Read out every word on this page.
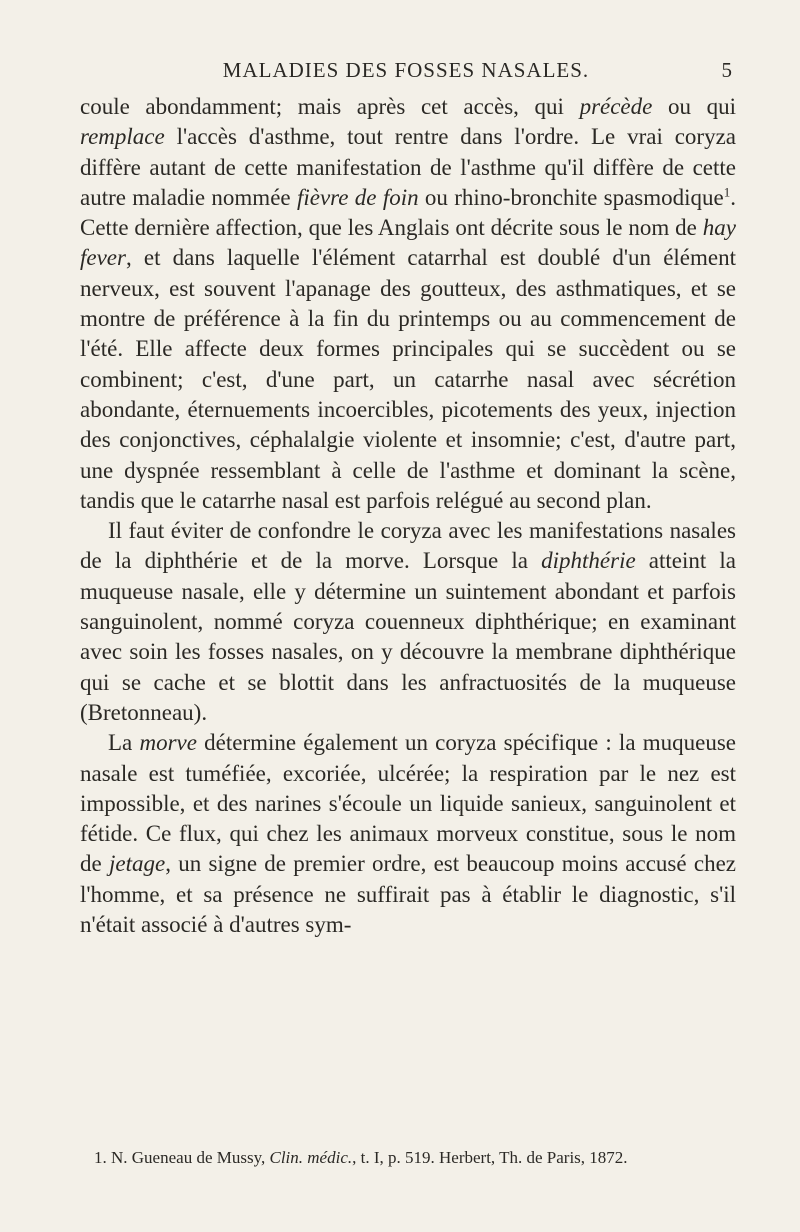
MALADIES DES FOSSES NASALES.	5

coule abondamment; mais après cet accès, qui précède ou qui remplace l'accès d'asthme, tout rentre dans l'ordre. Le vrai coryza diffère autant de cette manifestation de l'asthme qu'il diffère de cette autre maladie nommée fièvre de foin ou rhino-bronchite spasmodique$^1$. Cette dernière affection, que les Anglais ont décrite sous le nom de hay fever, et dans laquelle l'élément catarrhal est doublé d'un élément nerveux, est souvent l'apanage des goutteux, des asthmatiques, et se montre de préférence à la fin du printemps ou au commencement de l'été. Elle affecte deux formes principales qui se succèdent ou se combinent; c'est, d'une part, un catarrhe nasal avec sécrétion abondante, éternuements incoercibles, picotements des yeux, injection des conjonctives, céphalalgie violente et insomnie; c'est, d'autre part, une dyspnée ressemblant à celle de l'asthme et dominant la scène, tandis que le catarrhe nasal est parfois relégué au second plan.

Il faut éviter de confondre le coryza avec les manifestations nasales de la diphthérie et de la morve. Lorsque la diphthérie atteint la muqueuse nasale, elle y détermine un suintement abondant et parfois sanguinolent, nommé coryza couenneux diphthérique; en examinant avec soin les fosses nasales, on y découvre la membrane diphthérique qui se cache et se blottit dans les anfractuosités de la muqueuse (Bretonneau).

La morve détermine également un coryza spécifique : la muqueuse nasale est tuméfiée, excoriée, ulcérée; la respiration par le nez est impossible, et des narines s'écoule un liquide sanieux, sanguinolent et fétide. Ce flux, qui chez les animaux morveux constitue, sous le nom de jetage, un signe de premier ordre, est beaucoup moins accusé chez l'homme, et sa présence ne suffirait pas à établir le diagnostic, s'il n'était associé à d'autres sym-

1. N. Gueneau de Mussy, Clin. médic., t. I, p. 519. Herbert, Th. de Paris, 1872.
